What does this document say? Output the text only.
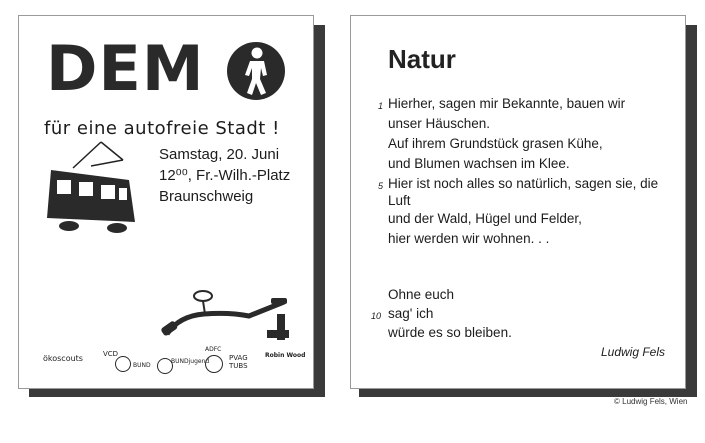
DEM
für eine autofreie Stadt !
Samstag, 20. Juni
12⁰⁰, Fr.-Wilh.-Platz
Braunschweig
ökoscouts	VCD
BUND
BUNDjugend
ADFC
PVAG TUBS
Robin Wood
Natur
1 Hierher, sagen mir Bekannte, bauen wir
unser Häuschen.
Auf ihrem Grundstück grasen Kühe,
und Blumen wachsen im Klee.
5 Hier ist noch alles so natürlich, sagen sie, die
Luft
und der Wald, Hügel und Felder,
hier werden wir wohnen. . .
Ohne euch
10 sag' ich
würde es so bleiben.
Ludwig Fels
© Ludwig Fels, Wien
